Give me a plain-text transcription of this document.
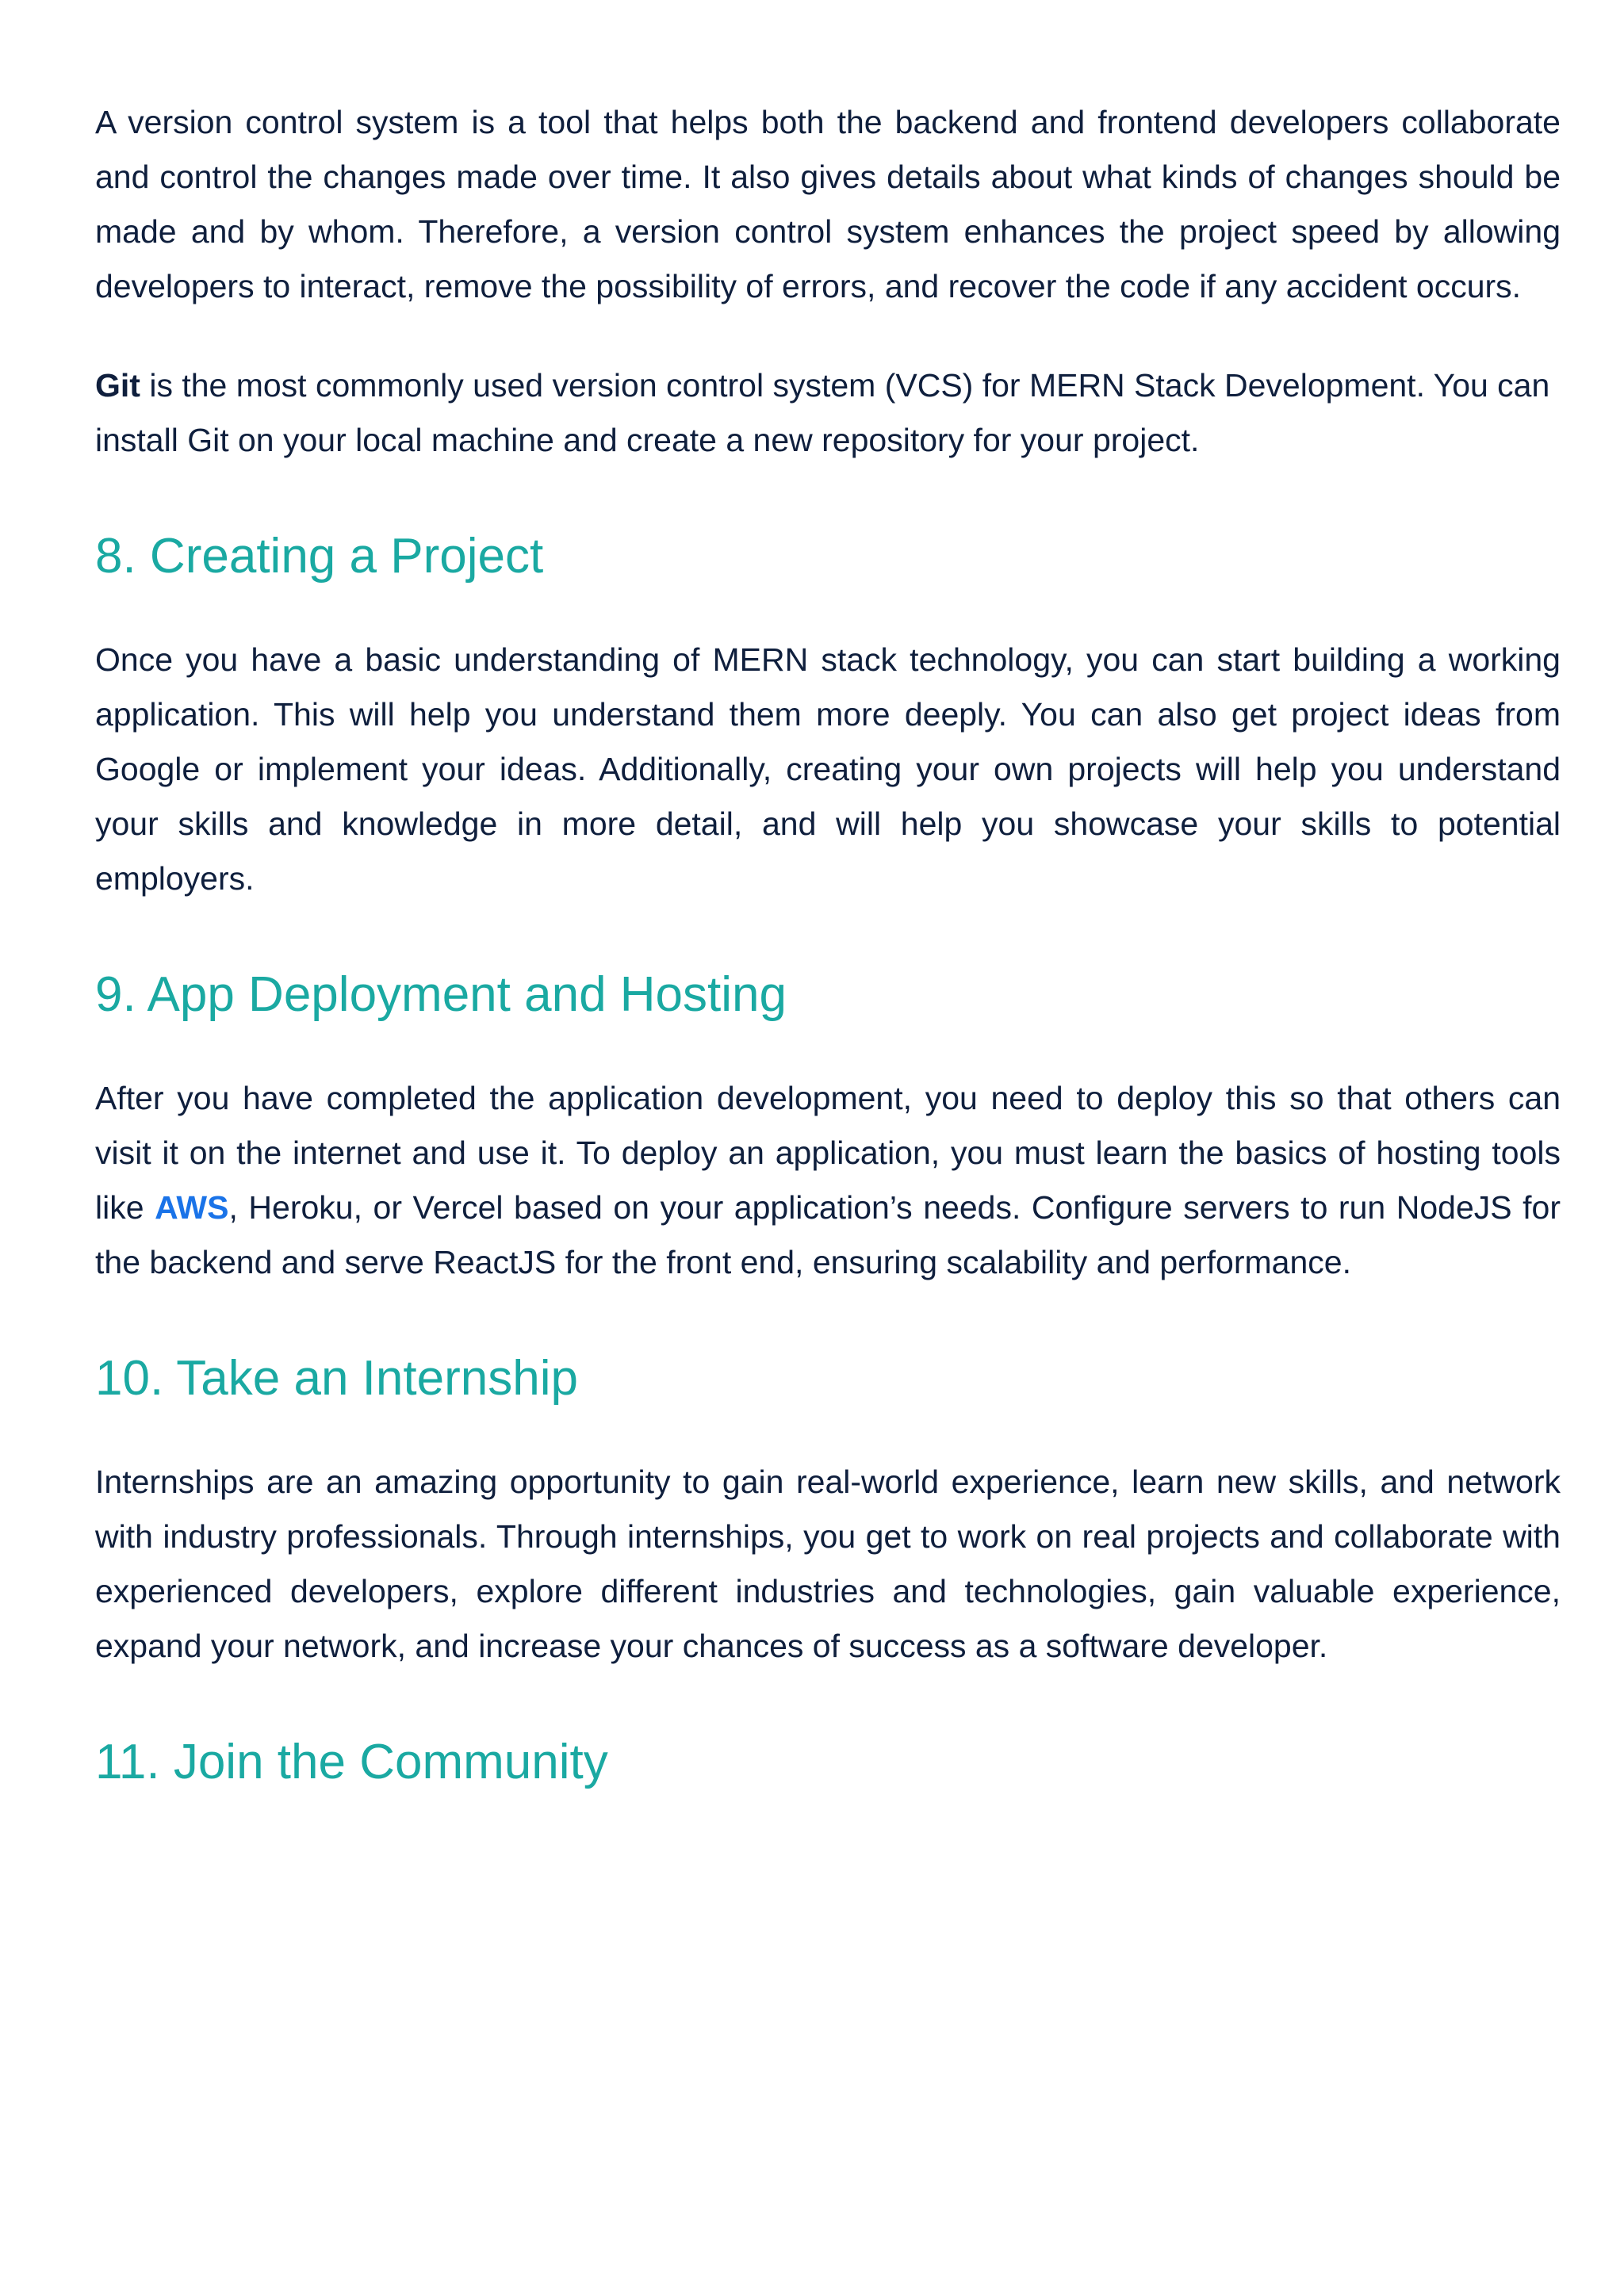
A version control system is a tool that helps both the backend and frontend developers collaborate and control the changes made over time. It also gives details about what kinds of changes should be made and by whom. Therefore, a version control system enhances the project speed by allowing developers to interact, remove the possibility of errors, and recover the code if any accident occurs.

Git is the most commonly used version control system (VCS) for MERN Stack Development. You can install Git on your local machine and create a new repository for your project.

8. Creating a Project

Once you have a basic understanding of MERN stack technology, you can start building a working application. This will help you understand them more deeply. You can also get project ideas from Google or implement your ideas. Additionally, creating your own projects will help you understand your skills and knowledge in more detail, and will help you showcase your skills to potential employers.

9. App Deployment and Hosting

After you have completed the application development, you need to deploy this so that others can visit it on the internet and use it. To deploy an application, you must learn the basics of hosting tools like AWS, Heroku, or Vercel based on your application’s needs. Configure servers to run NodeJS for the backend and serve ReactJS for the front end, ensuring scalability and performance.

10. Take an Internship

Internships are an amazing opportunity to gain real-world experience, learn new skills, and network with industry professionals. Through internships, you get to work on real projects and collaborate with experienced developers, explore different industries and technologies, gain valuable experience, expand your network, and increase your chances of success as a software developer.

11. Join the Community
